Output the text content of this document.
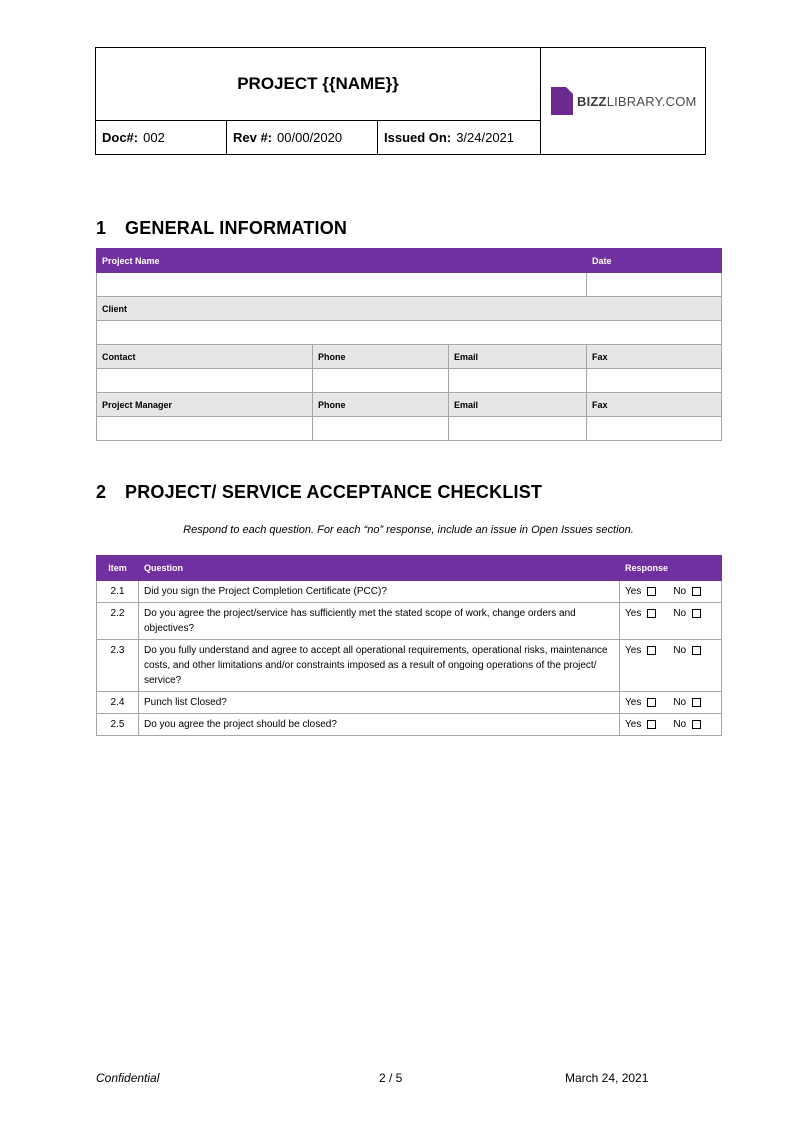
PROJECT {{NAME}}
BIZZLIBRARY.COM
Doc#: 002	Rev #: 00/00/2020	Issued On: 3/24/2021
1 GENERAL INFORMATION
Project Name			Date

Client			

Contact	Phone	Email	Fax

Project Manager	Phone	Email	Fax

2 PROJECT/ SERVICE ACCEPTANCE CHECKLIST
Respond to each question. For each “no” response, include an issue in Open Issues section.
Item	Question	Response
2.1	Did you sign the Project Completion Certificate (PCC)?	Yes No

2.2	Do you agree the project/service has sufficiently met the stated scope of work, change orders and objectives?	Yes No

2.3	Do you fully understand and agree to accept all operational requirements, operational risks, maintenance costs, and other limitations and/or constraints imposed as a result of ongoing operations of the project/ service?	Yes No

2.4	Punch list Closed?	Yes No

2.5	Do you agree the project should be closed?	Yes No
Confidential	2 / 5	March 24, 2021
